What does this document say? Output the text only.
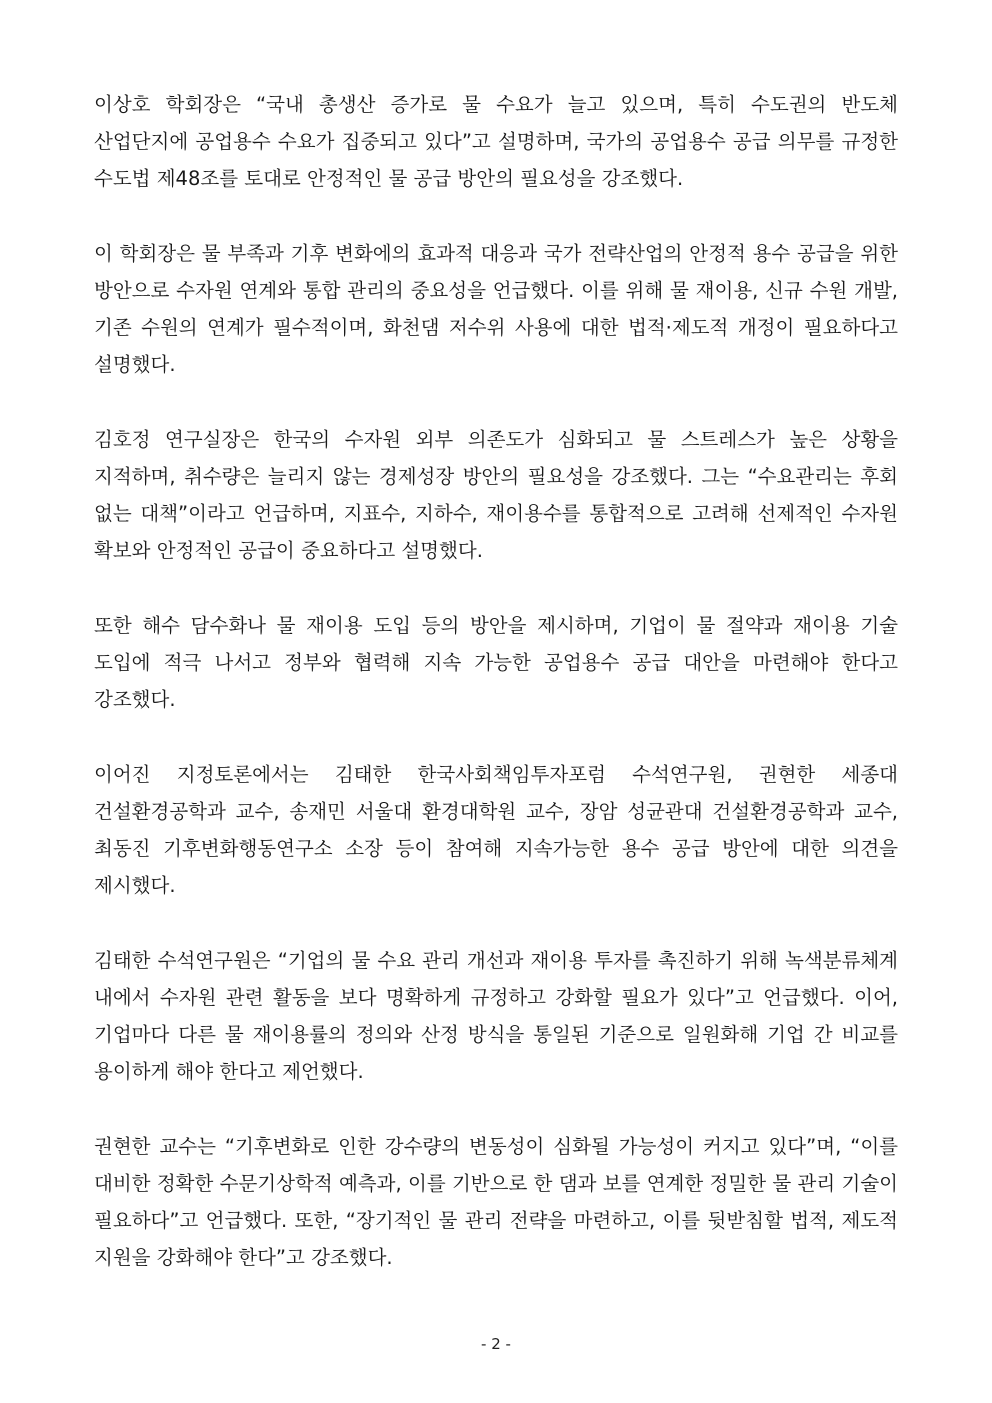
이상호 학회장은 “국내 총생산 증가로 물 수요가 늘고 있으며, 특히 수도권의 반도체 산업단지에 공업용수 수요가 집중되고 있다”고 설명하며, 국가의 공업용수 공급 의무를 규정한 수도법 제48조를 토대로 안정적인 물 공급 방안의 필요성을 강조했다.

이 학회장은 물 부족과 기후 변화에의 효과적 대응과 국가 전략산업의 안정적 용수 공급을 위한 방안으로 수자원 연계와 통합 관리의 중요성을 언급했다. 이를 위해 물 재이용, 신규 수원 개발, 기존 수원의 연계가 필수적이며, 화천댐 저수위 사용에 대한 법적·제도적 개정이 필요하다고 설명했다.

김호정 연구실장은 한국의 수자원 외부 의존도가 심화되고 물 스트레스가 높은 상황을 지적하며, 취수량은 늘리지 않는 경제성장 방안의 필요성을 강조했다. 그는 “수요관리는 후회 없는 대책”이라고 언급하며, 지표수, 지하수, 재이용수를 통합적으로 고려해 선제적인 수자원 확보와 안정적인 공급이 중요하다고 설명했다.

또한 해수 담수화나 물 재이용 도입 등의 방안을 제시하며, 기업이 물 절약과 재이용 기술 도입에 적극 나서고 정부와 협력해 지속 가능한 공업용수 공급 대안을 마련해야 한다고 강조했다.

이어진 지정토론에서는 김태한 한국사회책임투자포럼 수석연구원, 권현한 세종대 건설환경공학과 교수, 송재민 서울대 환경대학원 교수, 장암 성균관대 건설환경공학과 교수, 최동진 기후변화행동연구소 소장 등이 참여해 지속가능한 용수 공급 방안에 대한 의견을 제시했다.

김태한 수석연구원은 “기업의 물 수요 관리 개선과 재이용 투자를 촉진하기 위해 녹색분류체계 내에서 수자원 관련 활동을 보다 명확하게 규정하고 강화할 필요가 있다”고 언급했다. 이어, 기업마다 다른 물 재이용률의 정의와 산정 방식을 통일된 기준으로 일원화해 기업 간 비교를 용이하게 해야 한다고 제언했다.

권현한 교수는 “기후변화로 인한 강수량의 변동성이 심화될 가능성이 커지고 있다”며, “이를 대비한 정확한 수문기상학적 예측과, 이를 기반으로 한 댐과 보를 연계한 정밀한 물 관리 기술이 필요하다”고 언급했다. 또한, “장기적인 물 관리 전략을 마련하고, 이를 뒷받침할 법적, 제도적 지원을 강화해야 한다”고 강조했다.

- 2 -
